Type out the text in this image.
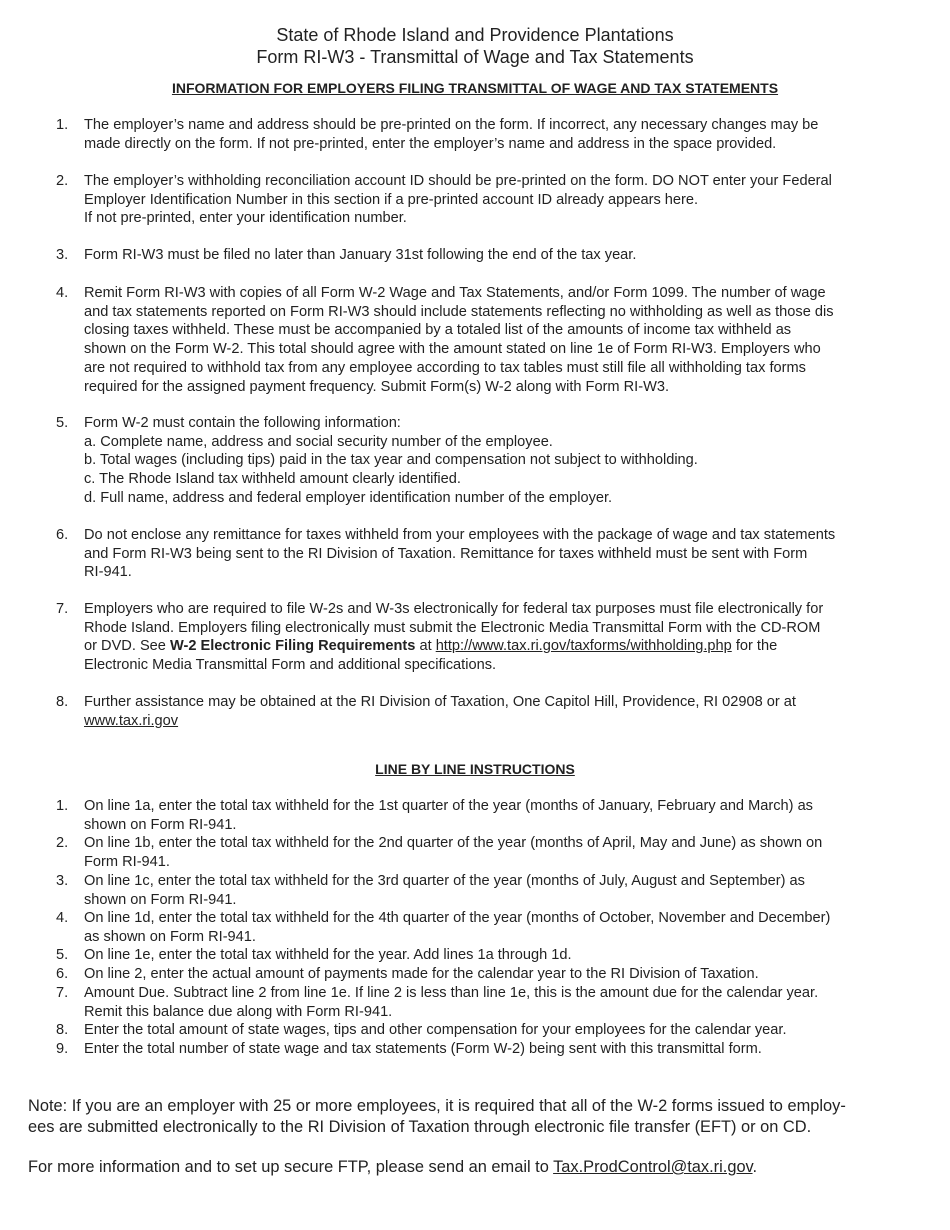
State of Rhode Island and Providence Plantations
Form RI-W3 - Transmittal of Wage and Tax Statements
INFORMATION FOR EMPLOYERS FILING TRANSMITTAL OF WAGE AND TAX STATEMENTS
1.	The employer’s name and address should be pre-printed on the form. If incorrect, any necessary changes may be
made directly on the form. If not pre-printed, enter the employer’s name and address in the space provided.
2.	The employer’s withholding reconciliation account ID should be pre-printed on the form. DO NOT enter your Federal
Employer Identification Number in this section if a pre-printed account ID already appears here.
If not pre-printed, enter your identification number.
3.	Form RI-W3 must be filed no later than January 31st following the end of the tax year.
4.	Remit Form RI-W3 with copies of all Form W-2 Wage and Tax Statements, and/or Form 1099. The number of wage
and tax statements reported on Form RI-W3 should include statements reflecting no withholding as well as those dis
closing taxes withheld. These must be accompanied by a totaled list of the amounts of income tax withheld as
shown on the Form W-2. This total should agree with the amount stated on line 1e of Form RI-W3. Employers who
are not required to withhold tax from any employee according to tax tables must still file all withholding tax forms
required for the assigned payment frequency. Submit Form(s) W-2 along with Form RI-W3.
5.	Form W-2 must contain the following information:
a. Complete name, address and social security number of the employee.
b. Total wages (including tips) paid in the tax year and compensation not subject to withholding.
c. The Rhode Island tax withheld amount clearly identified.
d. Full name, address and federal employer identification number of the employer.
6.	Do not enclose any remittance for taxes withheld from your employees with the package of wage and tax statements
and Form RI-W3 being sent to the RI Division of Taxation. Remittance for taxes withheld must be sent with Form
RI-941.
7.	Employers who are required to file W-2s and W-3s electronically for federal tax purposes must file electronically for
Rhode Island. Employers filing electronically must submit the Electronic Media Transmittal Form with the CD-ROM
or DVD. See W-2 Electronic Filing Requirements at http://www.tax.ri.gov/taxforms/withholding.php for the
Electronic Media Transmittal Form and additional specifications.
8.	Further assistance may be obtained at the RI Division of Taxation, One Capitol Hill, Providence, RI 02908 or at
www.tax.ri.gov
LINE BY LINE INSTRUCTIONS
1.	On line 1a, enter the total tax withheld for the 1st quarter of the year (months of January, February and March) as
shown on Form RI-941.
2.	On line 1b, enter the total tax withheld for the 2nd quarter of the year (months of April, May and June) as shown on
Form RI-941.
3.	On line 1c, enter the total tax withheld for the 3rd quarter of the year (months of July, August and September) as
shown on Form RI-941.
4.	On line 1d, enter the total tax withheld for the 4th quarter of the year (months of October, November and December)
as shown on Form RI-941.
5.	On line 1e, enter the total tax withheld for the year. Add lines 1a through 1d.
6.	On line 2, enter the actual amount of payments made for the calendar year to the RI Division of Taxation.
7.	Amount Due. Subtract line 2 from line 1e. If line 2 is less than line 1e, this is the amount due for the calendar year.
Remit this balance due along with Form RI-941.
8.	Enter the total amount of state wages, tips and other compensation for your employees for the calendar year.
9.	Enter the total number of state wage and tax statements (Form W-2) being sent with this transmittal form.
Note: If you are an employer with 25 or more employees, it is required that all of the W-2 forms issued to employ-
ees are submitted electronically to the RI Division of Taxation through electronic file transfer (EFT) or on CD.
For more information and to set up secure FTP, please send an email to Tax.ProdControl@tax.ri.gov.
